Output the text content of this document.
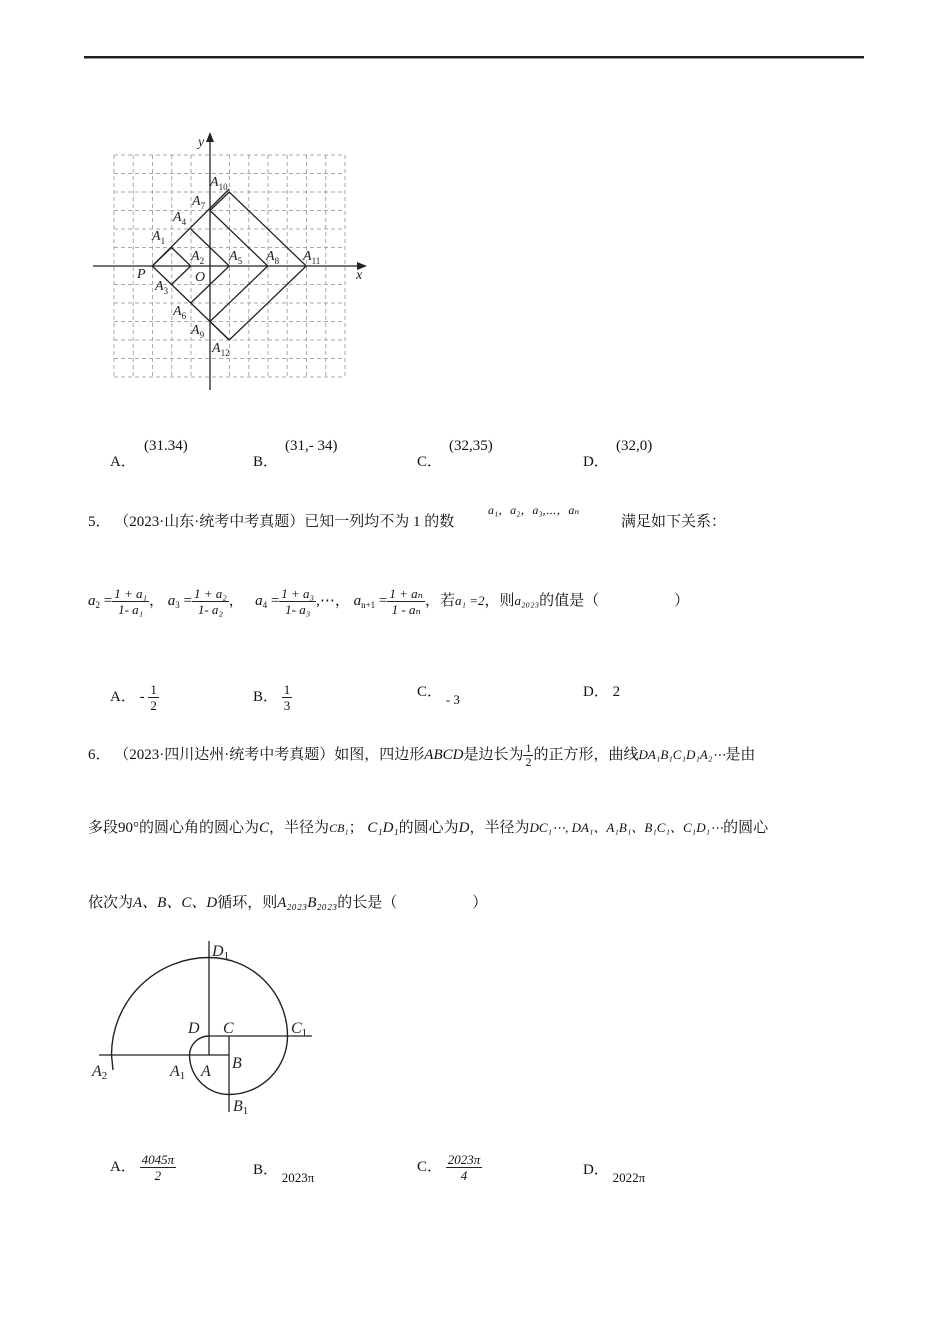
y
x
P	O
$A_1$
$A_2$
$A_3$
$A_4$
$A_5$
$A_6$
$A_7$
$A_8$
$A_9$
$A_{10}$
$A_{11}$
$A_{12}$
A．
(31.34)
B．
(31,- 34)
C．
(32,35)
D．
(32,0)
5． （2023·山东·统考中考真题）已知一列均不为 1 的数
a₁，a₂，a₃,⋯，aₙ
满足如下关系：
$a_2 = \frac{\text{1 + a₁}}{\text{1- a₁}}$ ， $a_3 = \frac{\text{1 + a₂}}{\text{1- a₂}}$ ， $a_4 = \frac{\text{1 + a₃}}{\text{1- a₃}}$ ,⋯， $a_{n+1} = \frac{\text{1 + aₙ}}{\text{1 - aₙ}}$ ，若a₁ =2，则a₂₀₂₃的值是（　　　　　）
A． - $\frac{1}{2}$	B． $\frac{1}{3}$	C． - 3	D． 2
6． （2023·四川达州·统考中考真题）如图，四边形ABCD是边长为 $\frac{1}{2}$ 的正方形，曲线DA₁B₁C₁D₁A₂⋯是由
多段90°的圆心角的圆心为C，半径为CB₁； C₁D₁的圆心为D，半径为DC₁⋯, DA₁、A₁B₁、B₁C₁、C₁D₁⋯的圆心
依次为A、B、C、D循环，则A₂₀₂₃B₂₀₂₃的长是（　　　　　）
D1
D C	C1
A2	A1 A B
B1
A． $\frac{4045\pi}{2}$	B． 2023π
C． $\frac{2023\pi}{4}$	D． 2022π
